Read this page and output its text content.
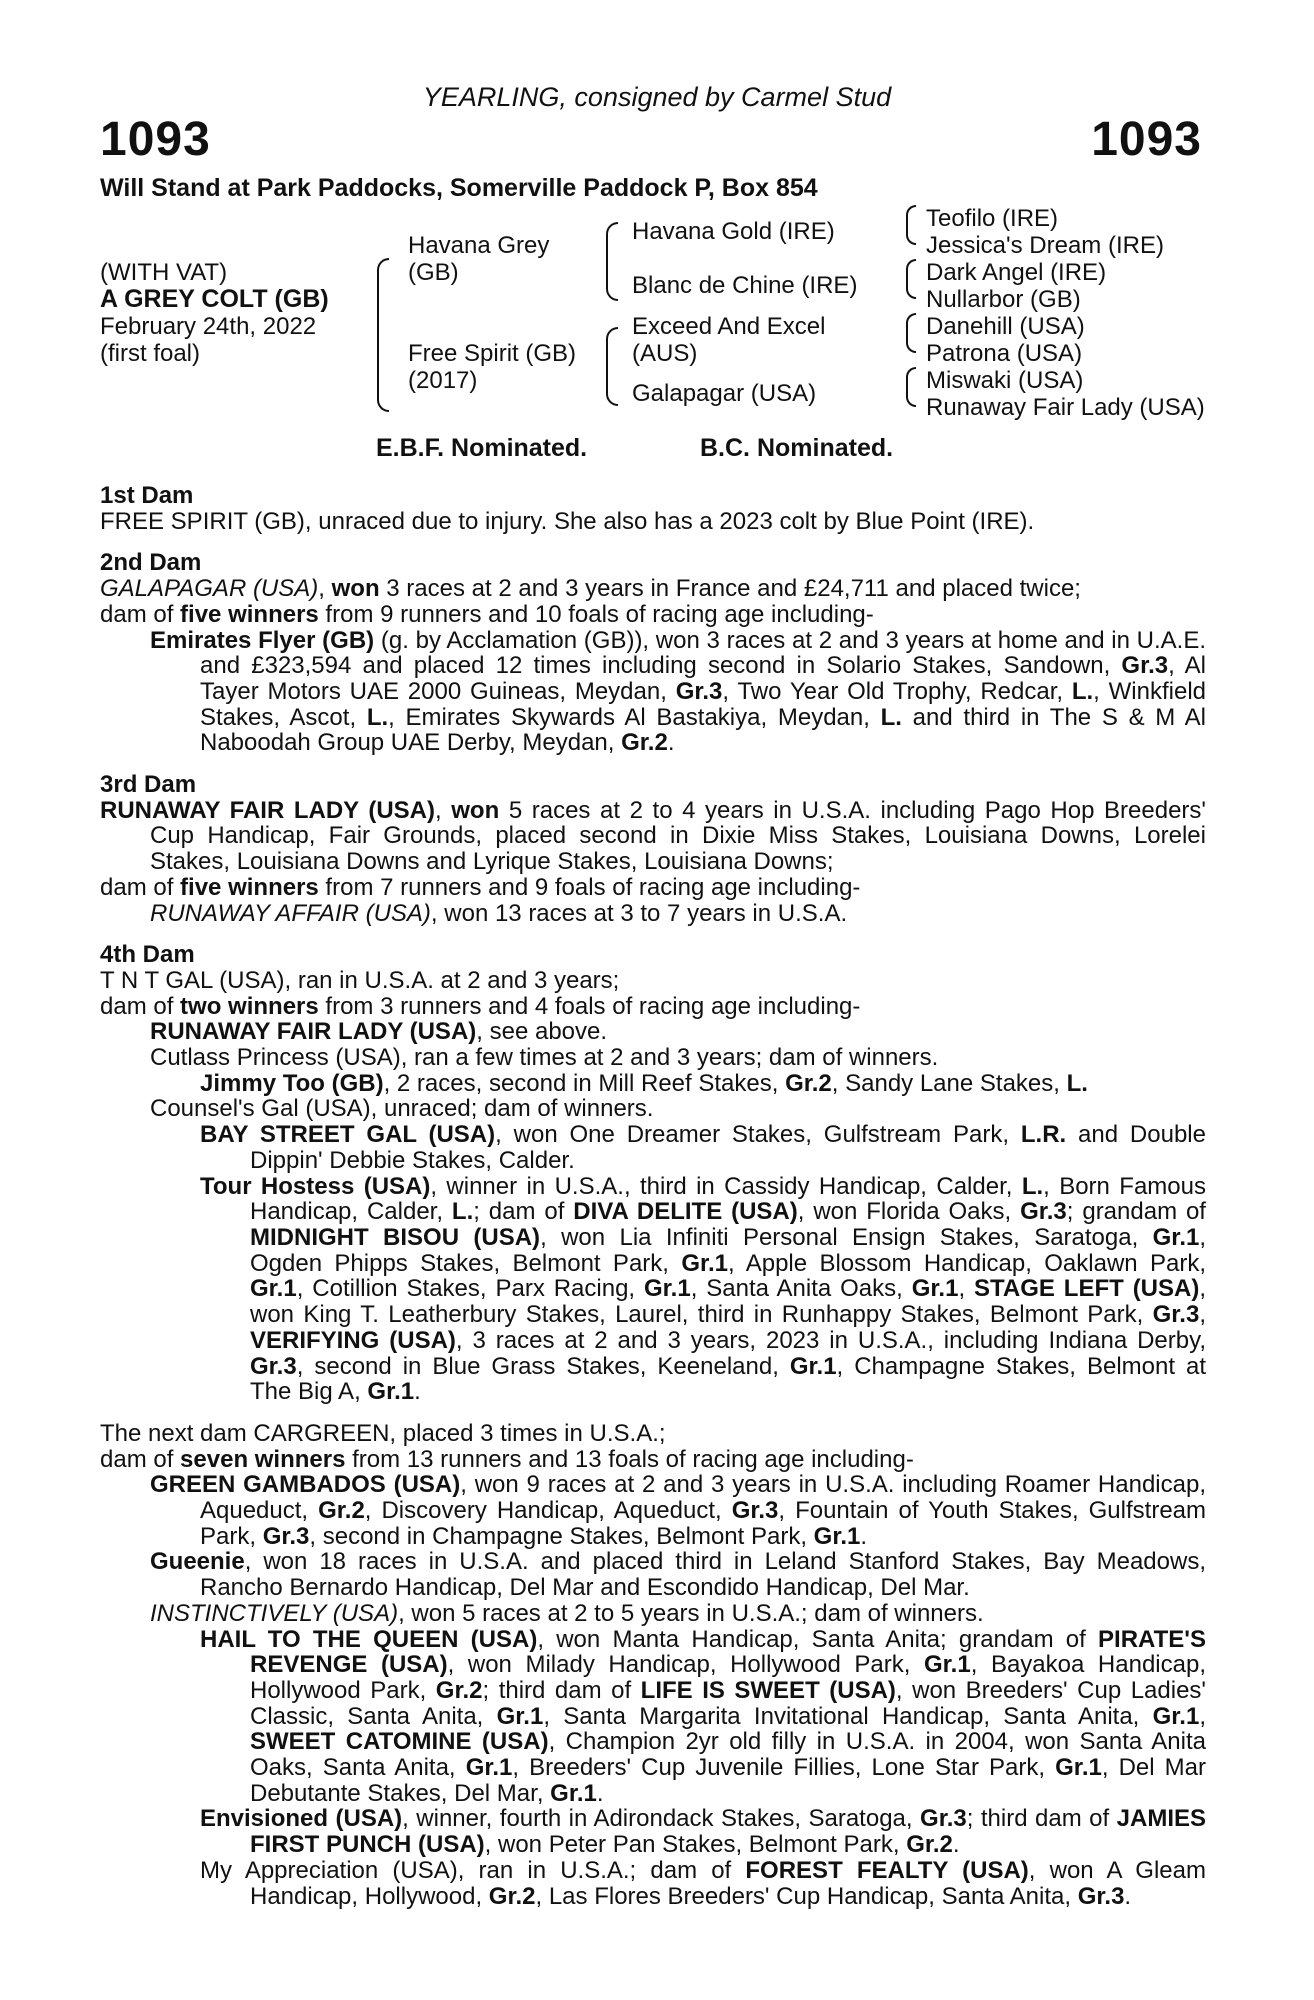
YEARLING, consigned by Carmel Stud
1093	1093
Will Stand at Park Paddocks, Somerville Paddock P, Box 854
(WITH VAT)
A GREY COLT (GB)
February 24th, 2022
(first foal)
Havana Grey
(GB)
Free Spirit (GB)
(2017)
Havana Gold (IRE)
Blanc de Chine (IRE)
Exceed And Excel
(AUS)
Galapagar (USA)
Teofilo (IRE)
Jessica's Dream (IRE)
Dark Angel (IRE)
Nullarbor (GB)
Danehill (USA)
Patrona (USA)
Miswaki (USA)
Runaway Fair Lady (USA)
E.B.F. Nominated.	B.C. Nominated.
1st Dam

FREE SPIRIT (GB), unraced due to injury. She also has a 2023 colt by Blue Point (IRE).

2nd Dam

GALAPAGAR (USA), won 3 races at 2 and 3 years in France and £24,711 and placed twice;

dam of five winners from 9 runners and 10 foals of racing age including-

Emirates Flyer (GB) (g. by Acclamation (GB)), won 3 races at 2 and 3 years at home and in U.A.E. and £323,594 and placed 12 times including second in Solario Stakes, Sandown, Gr.3, Al Tayer Motors UAE 2000 Guineas, Meydan, Gr.3, Two Year Old Trophy, Redcar, L., Winkfield Stakes, Ascot, L., Emirates Skywards Al Bastakiya, Meydan, L. and third in The S & M Al Naboodah Group UAE Derby, Meydan, Gr.2.

3rd Dam

RUNAWAY FAIR LADY (USA), won 5 races at 2 to 4 years in U.S.A. including Pago Hop Breeders' Cup Handicap, Fair Grounds, placed second in Dixie Miss Stakes, Louisiana Downs, Lorelei Stakes, Louisiana Downs and Lyrique Stakes, Louisiana Downs;

dam of five winners from 7 runners and 9 foals of racing age including-

RUNAWAY AFFAIR (USA), won 13 races at 3 to 7 years in U.S.A.

4th Dam

T N T GAL (USA), ran in U.S.A. at 2 and 3 years;

dam of two winners from 3 runners and 4 foals of racing age including-

RUNAWAY FAIR LADY (USA), see above.

Cutlass Princess (USA), ran a few times at 2 and 3 years; dam of winners.

Jimmy Too (GB), 2 races, second in Mill Reef Stakes, Gr.2, Sandy Lane Stakes, L.

Counsel's Gal (USA), unraced; dam of winners.

BAY STREET GAL (USA), won One Dreamer Stakes, Gulfstream Park, L.R. and Double Dippin' Debbie Stakes, Calder.

Tour Hostess (USA), winner in U.S.A., third in Cassidy Handicap, Calder, L., Born Famous Handicap, Calder, L.; dam of DIVA DELITE (USA), won Florida Oaks, Gr.3; grandam of MIDNIGHT BISOU (USA), won Lia Infiniti Personal Ensign Stakes, Saratoga, Gr.1, Ogden Phipps Stakes, Belmont Park, Gr.1, Apple Blossom Handicap, Oaklawn Park, Gr.1, Cotillion Stakes, Parx Racing, Gr.1, Santa Anita Oaks, Gr.1, STAGE LEFT (USA), won King T. Leatherbury Stakes, Laurel, third in Runhappy Stakes, Belmont Park, Gr.3, VERIFYING (USA), 3 races at 2 and 3 years, 2023 in U.S.A., including Indiana Derby, Gr.3, second in Blue Grass Stakes, Keeneland, Gr.1, Champagne Stakes, Belmont at The Big A, Gr.1.

The next dam CARGREEN, placed 3 times in U.S.A.;

dam of seven winners from 13 runners and 13 foals of racing age including-

GREEN GAMBADOS (USA), won 9 races at 2 and 3 years in U.S.A. including Roamer Handicap, Aqueduct, Gr.2, Discovery Handicap, Aqueduct, Gr.3, Fountain of Youth Stakes, Gulfstream Park, Gr.3, second in Champagne Stakes, Belmont Park, Gr.1.

Gueenie, won 18 races in U.S.A. and placed third in Leland Stanford Stakes, Bay Meadows, Rancho Bernardo Handicap, Del Mar and Escondido Handicap, Del Mar.

INSTINCTIVELY (USA), won 5 races at 2 to 5 years in U.S.A.; dam of winners.

HAIL TO THE QUEEN (USA), won Manta Handicap, Santa Anita; grandam of PIRATE'S REVENGE (USA), won Milady Handicap, Hollywood Park, Gr.1, Bayakoa Handicap, Hollywood Park, Gr.2; third dam of LIFE IS SWEET (USA), won Breeders' Cup Ladies' Classic, Santa Anita, Gr.1, Santa Margarita Invitational Handicap, Santa Anita, Gr.1, SWEET CATOMINE (USA), Champion 2yr old filly in U.S.A. in 2004, won Santa Anita Oaks, Santa Anita, Gr.1, Breeders' Cup Juvenile Fillies, Lone Star Park, Gr.1, Del Mar Debutante Stakes, Del Mar, Gr.1.

Envisioned (USA), winner, fourth in Adirondack Stakes, Saratoga, Gr.3; third dam of JAMIES FIRST PUNCH (USA), won Peter Pan Stakes, Belmont Park, Gr.2.

My Appreciation (USA), ran in U.S.A.; dam of FOREST FEALTY (USA), won A Gleam Handicap, Hollywood, Gr.2, Las Flores Breeders' Cup Handicap, Santa Anita, Gr.3.
